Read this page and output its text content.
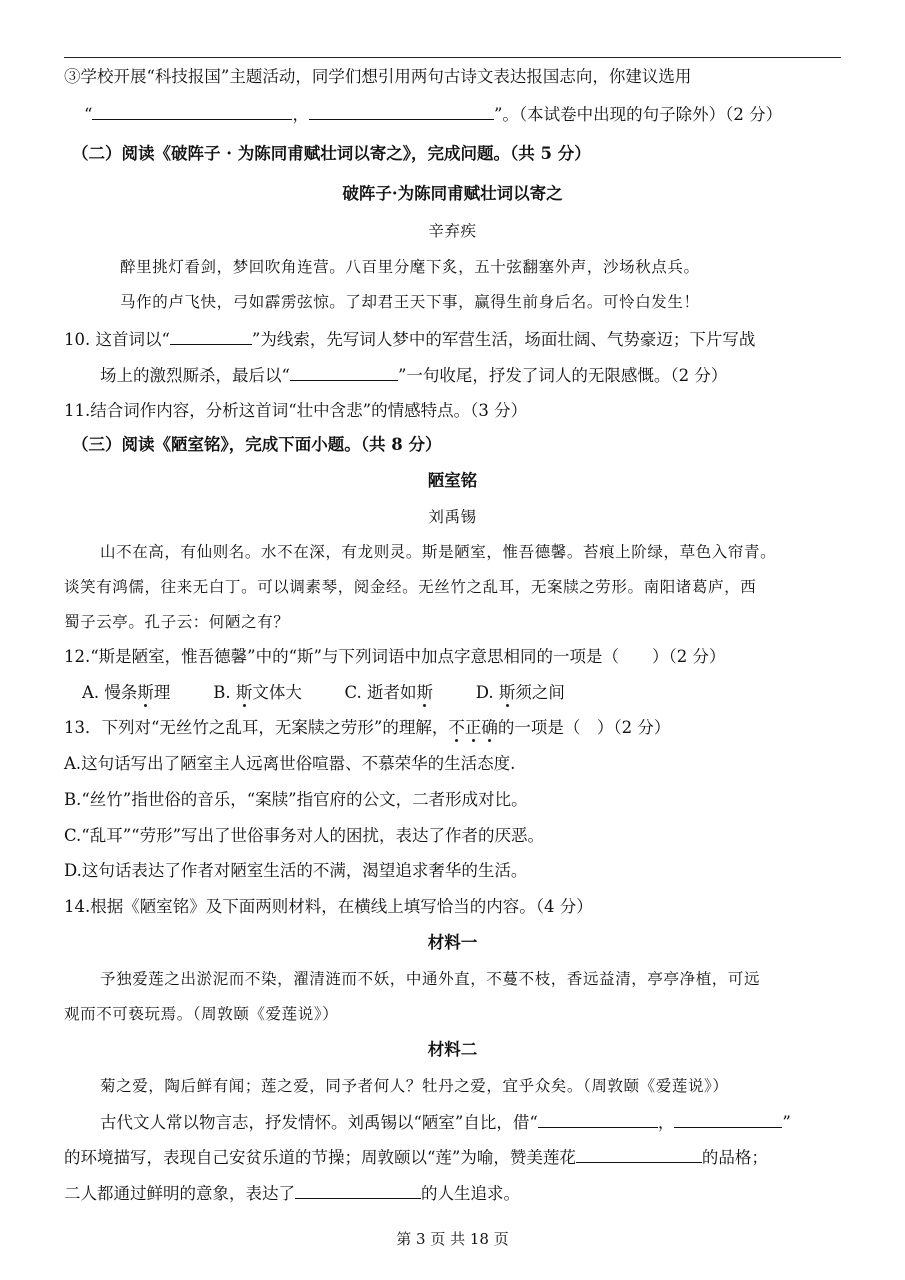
③学校开展“科技报国”主题活动，同学们想引用两句古诗文表达报国志向，你建议选用
“	，	”。（本试卷中出现的句子除外）（2 分）
（二）阅读《破阵子 · 为陈同甫赋壮词以寄之》，完成问题。（共 5 分）
破阵子·为陈同甫赋壮词以寄之
辛弃疾
醉里挑灯看剑，梦回吹角连营。八百里分麾下炙，五十弦翻塞外声，沙场秋点兵。
马作的卢飞快，弓如霹雳弦惊。了却君王天下事，赢得生前身后名。可怜白发生！
10. 这首词以“	”为线索，先写词人梦中的军营生活，场面壮阔、气势豪迈；下片写战
场上的激烈厮杀，最后以“	”一句收尾，抒发了词人的无限感慨。（2 分）
11.结合词作内容，分析这首词“壮中含悲”的情感特点。（3 分）
（三）阅读《陋室铭》，完成下面小题。（共 8 分）
陋室铭
刘禹锡
山不在高，有仙则名。水不在深，有龙则灵。斯是陋室，惟吾德馨。苔痕上阶绿，草色入帘青。
谈笑有鸿儒，往来无白丁。可以调素琴，阅金经。无丝竹之乱耳，无案牍之劳形。南阳诸葛庐，西
蜀子云亭。孔子云：何陋之有？
12.“斯是陋室，惟吾德馨”中的“斯”与下列词语中加点字意思相同的一项是（　　）（2 分）
A. 慢条斯理	B. 斯文体大	C. 逝者如斯	D. 斯须之间
13．下列对“无丝竹之乱耳，无案牍之劳形”的理解，不正确的一项是（　）（2 分）
A.这句话写出了陋室主人远离世俗喧嚣、不慕荣华的生活态度.
B.“丝竹”指世俗的音乐，“案牍”指官府的公文，二者形成对比。
C.“乱耳”“劳形”写出了世俗事务对人的困扰，表达了作者的厌恶。
D.这句话表达了作者对陋室生活的不满，渴望追求奢华的生活。
14.根据《陋室铭》及下面两则材料，在横线上填写恰当的内容。（4 分）
材料一
予独爱莲之出淤泥而不染，濯清涟而不妖，中通外直，不蔓不枝，香远益清，亭亭净植，可远
观而不可亵玩焉。（周敦颐《爱莲说》）
材料二
菊之爱，陶后鲜有闻；莲之爱，同予者何人？牡丹之爱，宜乎众矣。（周敦颐《爱莲说》）
古代文人常以物言志，抒发情怀。刘禹锡以“陋室”自比，借“	，	”
的环境描写，表现自己安贫乐道的节操；周敦颐以“莲”为喻，赞美莲花	的品格；
二人都通过鲜明的意象，表达了	的人生追求。
第 3 页 共 18 页
